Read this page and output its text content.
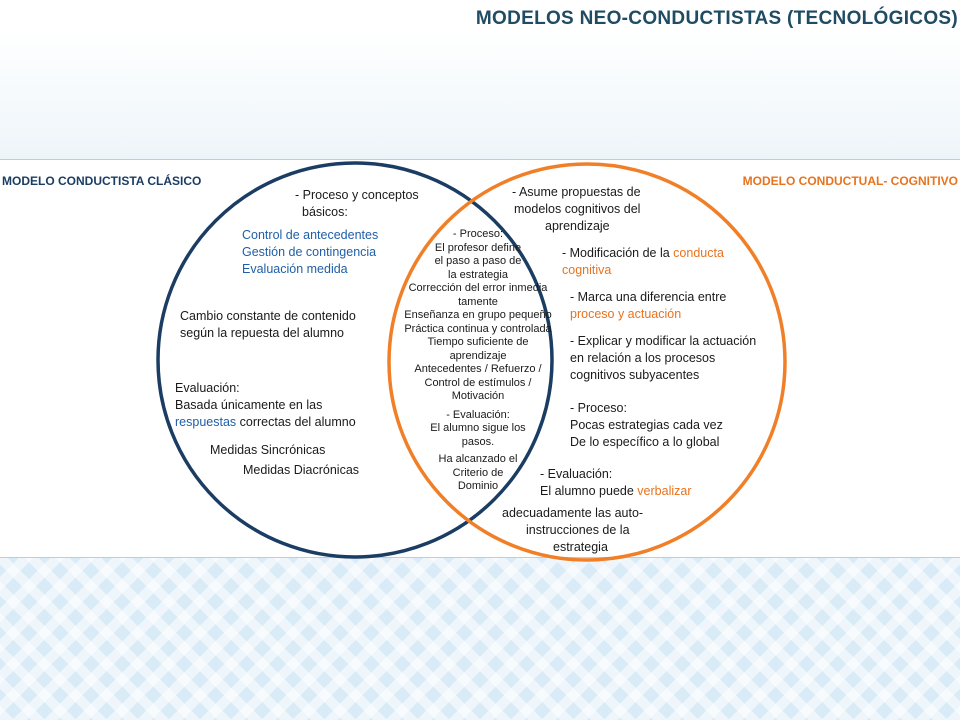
MODELOS NEO-CONDUCTISTAS (TECNOLÓGICOS)
MODELO CONDUCTISTA CLÁSICO	MODELO CONDUCTUAL- COGNITIVO
- Proceso y conceptos
básicos:
Control de antecedentes
Gestión de contingencia
Evaluación medida
Cambio constante de contenido
según la repuesta del alumno
Evaluación:
Basada únicamente en las
respuestas correctas del alumno
Medidas Sincrónicas
Medidas Diacrónicas
- Proceso:
El profesor define
el paso a paso de
la estrategia
Corrección del error inmedia
tamente
Enseñanza en grupo pequeño
Práctica continua y controlada
Tiempo suficiente de
aprendizaje
Antecedentes / Refuerzo /
Control de estímulos /
Motivación
- Evaluación:
El alumno sigue los
pasos.
Ha alcanzado el
Criterio de
Dominio
- Asume propuestas de
modelos cognitivos del
aprendizaje
- Modificación de la conducta
cognitiva
- Marca una diferencia entre
proceso y actuación
- Explicar y modificar la actuación
en relación a los procesos
cognitivos subyacentes
- Proceso:
Pocas estrategias cada vez
De lo específico a lo global
- Evaluación:
El alumno puede verbalizar
adecuadamente las auto-
instrucciones de la
estrategia
